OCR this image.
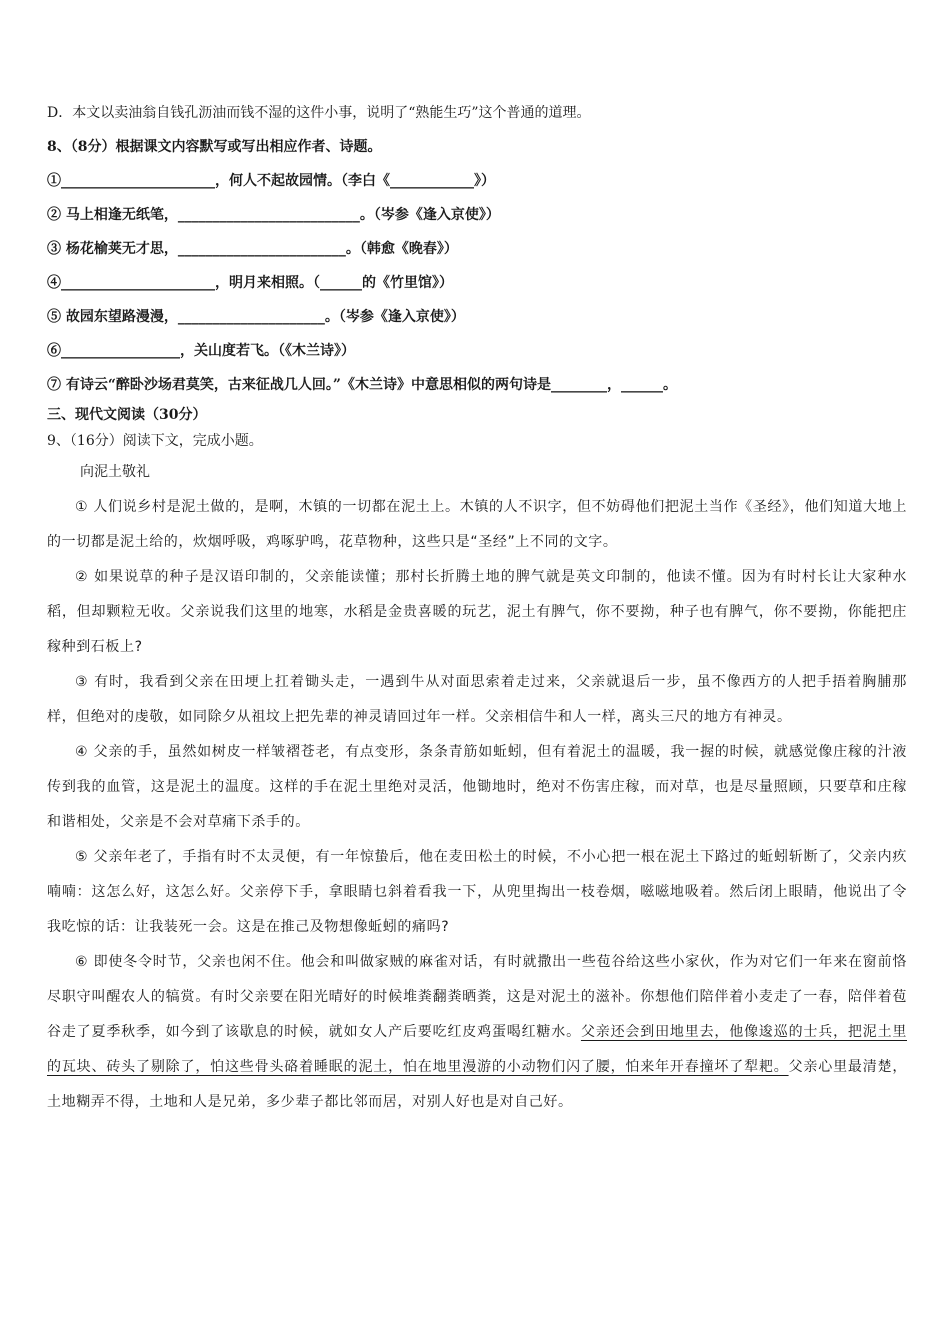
D．本文以卖油翁自钱孔沥油而钱不湿的这件小事，说明了“熟能生巧”这个普通的道理。
8、（8分）根据课文内容默写或写出相应作者、诗题。
①______________________，何人不起故园情。（李白《____________》）
② 马上相逢无纸笔，__________________________。（岑参《逢入京使》）
③ 杨花榆荚无才思，________________________。（韩愈《晚春》）
④______________________，明月来相照。（______的《竹里馆》）
⑤ 故园东望路漫漫，_____________________。（岑参《逢入京使》）
⑥_________________，关山度若飞。（《木兰诗》）
⑦ 有诗云“醉卧沙场君莫笑，古来征战几人回。”《木兰诗》中意思相似的两句诗是________，______。
三、现代文阅读（30分）
9、（16分）阅读下文，完成小题。
向泥土敬礼

① 人们说乡村是泥土做的，是啊，木镇的一切都在泥土上。木镇的人不识字，但不妨碍他们把泥土当作《圣经》，他们知道大地上的一切都是泥土给的，炊烟呼吸，鸡啄驴鸣，花草物种，这些只是“圣经”上不同的文字。

② 如果说草的种子是汉语印制的，父亲能读懂；那村长折腾土地的脾气就是英文印制的，他读不懂。因为有时村长让大家种水稻，但却颗粒无收。父亲说我们这里的地寒，水稻是金贵喜暖的玩艺，泥土有脾气，你不要拗，种子也有脾气，你不要拗，你能把庄稼种到石板上?

③ 有时，我看到父亲在田埂上扛着锄头走，一遇到牛从对面思索着走过来，父亲就退后一步，虽不像西方的人把手捂着胸脯那样，但绝对的虔敬，如同除夕从祖坟上把先辈的神灵请回过年一样。父亲相信牛和人一样，离头三尺的地方有神灵。

④ 父亲的手，虽然如树皮一样皱褶苍老，有点变形，条条青筋如蚯蚓，但有着泥土的温暖，我一握的时候，就感觉像庄稼的汁液传到我的血管，这是泥土的温度。这样的手在泥土里绝对灵活，他锄地时，绝对不伤害庄稼，而对草，也是尽量照顾，只要草和庄稼和谐相处，父亲是不会对草痛下杀手的。

⑤ 父亲年老了，手指有时不太灵便，有一年惊蛰后，他在麦田松土的时候，不小心把一根在泥土下路过的蚯蚓斩断了，父亲内疚喃喃：这怎么好，这怎么好。父亲停下手，拿眼睛乜斜着看我一下，从兜里掏出一枝卷烟，嗞嗞地吸着。然后闭上眼睛，他说出了令我吃惊的话：让我装死一会。这是在推己及物想像蚯蚓的痛吗?

⑥ 即使冬令时节，父亲也闲不住。他会和叫做家贼的麻雀对话，有时就撒出一些苞谷给这些小家伙，作为对它们一年来在窗前恪尽职守叫醒农人的犒赏。有时父亲要在阳光晴好的时候堆粪翻粪晒粪，这是对泥土的滋补。你想他们陪伴着小麦走了一春，陪伴着苞谷走了夏季秋季，如今到了该歇息的时候，就如女人产后要吃红皮鸡蛋喝红糖水。父亲还会到田地里去，他像逡巡的士兵，把泥土里的瓦块、砖头了剔除了，怕这些骨头硌着睡眠的泥土，怕在地里漫游的小动物们闪了腰，怕来年开春撞坏了犁耙。父亲心里最清楚，土地糊弄不得，土地和人是兄弟，多少辈子都比邻而居，对别人好也是对自己好。
